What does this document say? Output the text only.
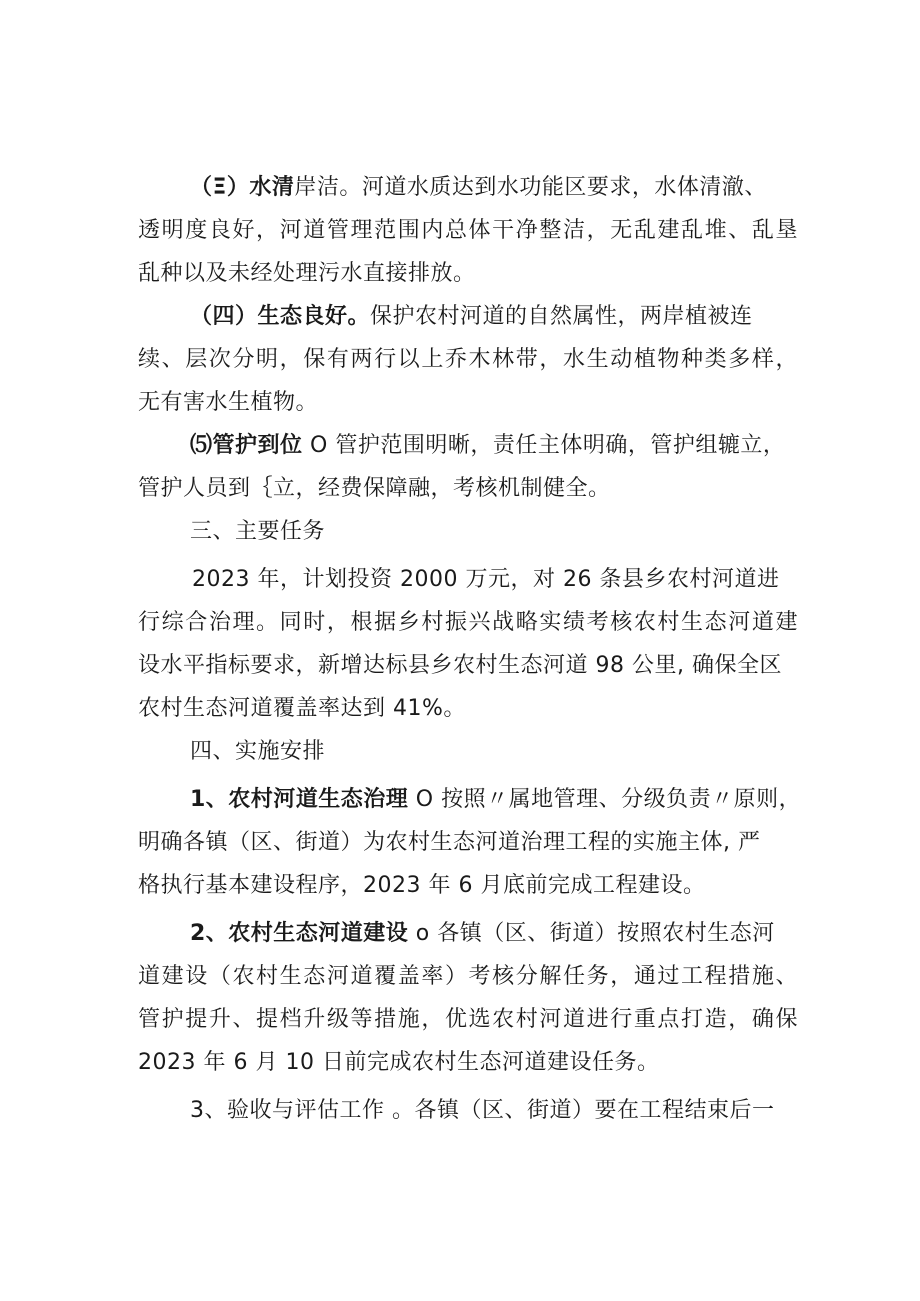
（Ξ）水清岸洁。河道水质达到水功能区要求，水体清澈、
透明度良好，河道管理范围内总体干净整洁，无乱建乱堆、乱垦
乱种以及未经处理污水直接排放。
（四）生态良好。保护农村河道的自然属性，两岸植被连
续、层次分明，保有两行以上乔木林带，水生动植物种类多样，
无有害水生植物。
⑸管护到位 O 管护范围明晰，责任主体明确，管护组辘立，
管护人员到｛立，经费保障融，考核机制健全。
三、主要任务
2023 年，计划投资 2000 万元，对 26 条县乡农村河道进
行综合治理。同时，根据乡村振兴战略实绩考核农村生态河道建
设水平指标要求，新增达标县乡农村生态河道 98 公里, 确保全区
农村生态河道覆盖率达到 41%。
四、实施安排
1、农村河道生态治理 O 按照〃属地管理、分级负责〃原则，
明确各镇（区、街道）为农村生态河道治理工程的实施主体, 严
格执行基本建设程序，2023 年 6 月底前完成工程建设。
2、农村生态河道建设 o 各镇（区、街道）按照农村生态河
道建设（农村生态河道覆盖率）考核分解任务，通过工程措施、
管护提升、提档升级等措施，优选农村河道进行重点打造，确保
2023 年 6 月 10 日前完成农村生态河道建设任务。
3、验收与评估工作 。各镇（区、街道）要在工程结束后一
